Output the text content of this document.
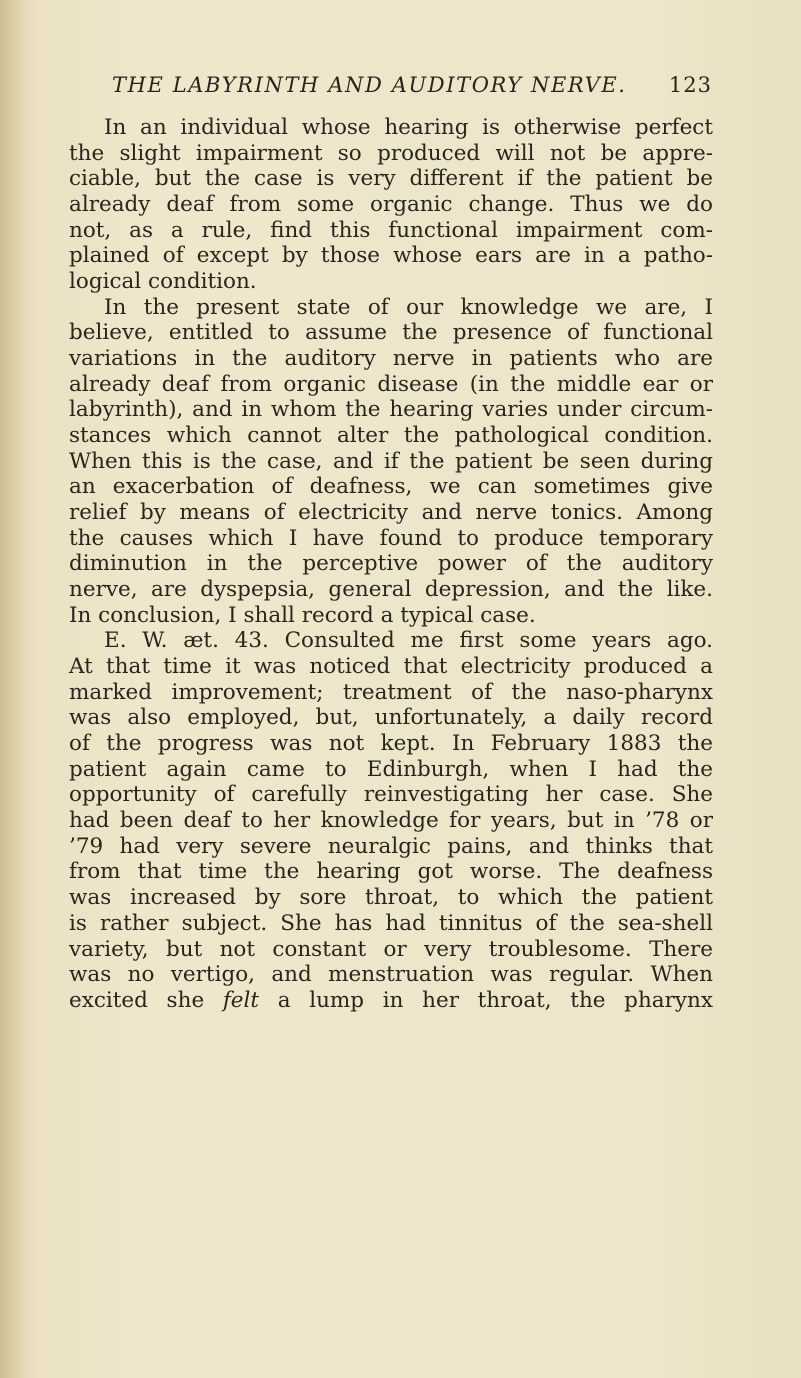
THE LABYRINTH AND AUDITORY NERVE. 123
In an individual whose hearing is otherwise perfect
the slight impairment so produced will not be appre-
ciable, but the case is very different if the patient be
already deaf from some organic change. Thus we do
not, as a rule, find this functional impairment com-
plained of except by those whose ears are in a patho-
logical condition.
In the present state of our knowledge we are, I
believe, entitled to assume the presence of functional
variations in the auditory nerve in patients who are
already deaf from organic disease (in the middle ear or
labyrinth), and in whom the hearing varies under circum-
stances which cannot alter the pathological condition.
When this is the case, and if the patient be seen during
an exacerbation of deafness, we can sometimes give
relief by means of electricity and nerve tonics. Among
the causes which I have found to produce temporary
diminution in the perceptive power of the auditory
nerve, are dyspepsia, general depression, and the like.
In conclusion, I shall record a typical case.
E. W. æt. 43. Consulted me first some years ago.
At that time it was noticed that electricity produced a
marked improvement; treatment of the naso-pharynx
was also employed, but, unfortunately, a daily record
of the progress was not kept. In February 1883 the
patient again came to Edinburgh, when I had the
opportunity of carefully reinvestigating her case. She
had been deaf to her knowledge for years, but in ’78 or
’79 had very severe neuralgic pains, and thinks that
from that time the hearing got worse. The deafness
was increased by sore throat, to which the patient
is rather subject. She has had tinnitus of the sea-shell
variety, but not constant or very troublesome. There
was no vertigo, and menstruation was regular. When
excited she felt a lump in her throat, the pharynx
